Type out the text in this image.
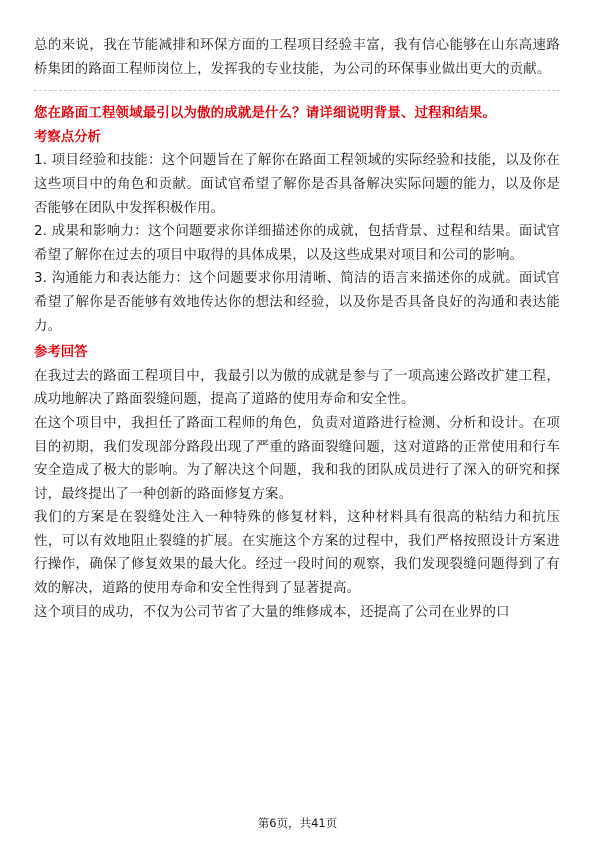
总的来说，我在节能减排和环保方面的工程项目经验丰富，我有信心能够在山东高速路桥集团的路面工程师岗位上，发挥我的专业技能，为公司的环保事业做出更大的贡献。

您在路面工程领域最引以为傲的成就是什么？请详细说明背景、过程和结果。
考察点分析

1. 项目经验和技能：这个问题旨在了解你在路面工程领域的实际经验和技能，以及你在这些项目中的角色和贡献。面试官希望了解你是否具备解决实际问题的能力，以及你是否能够在团队中发挥积极作用。

2. 成果和影响力：这个问题要求你详细描述你的成就，包括背景、过程和结果。面试官希望了解你在过去的项目中取得的具体成果，以及这些成果对项目和公司的影响。

3. 沟通能力和表达能力：这个问题要求你用清晰、简洁的语言来描述你的成就。面试官希望了解你是否能够有效地传达你的想法和经验，以及你是否具备良好的沟通和表达能力。

参考回答

在我过去的路面工程项目中，我最引以为傲的成就是参与了一项高速公路改扩建工程，成功地解决了路面裂缝问题，提高了道路的使用寿命和安全性。

在这个项目中，我担任了路面工程师的角色，负责对道路进行检测、分析和设计。在项目的初期，我们发现部分路段出现了严重的路面裂缝问题，这对道路的正常使用和行车安全造成了极大的影响。为了解决这个问题，我和我的团队成员进行了深入的研究和探讨，最终提出了一种创新的路面修复方案。

我们的方案是在裂缝处注入一种特殊的修复材料，这种材料具有很高的粘结力和抗压性，可以有效地阻止裂缝的扩展。在实施这个方案的过程中，我们严格按照设计方案进行操作，确保了修复效果的最大化。经过一段时间的观察，我们发现裂缝问题得到了有效的解决，道路的使用寿命和安全性得到了显著提高。

这个项目的成功，不仅为公司节省了大量的维修成本，还提高了公司在业界的口

第6页，共41页
